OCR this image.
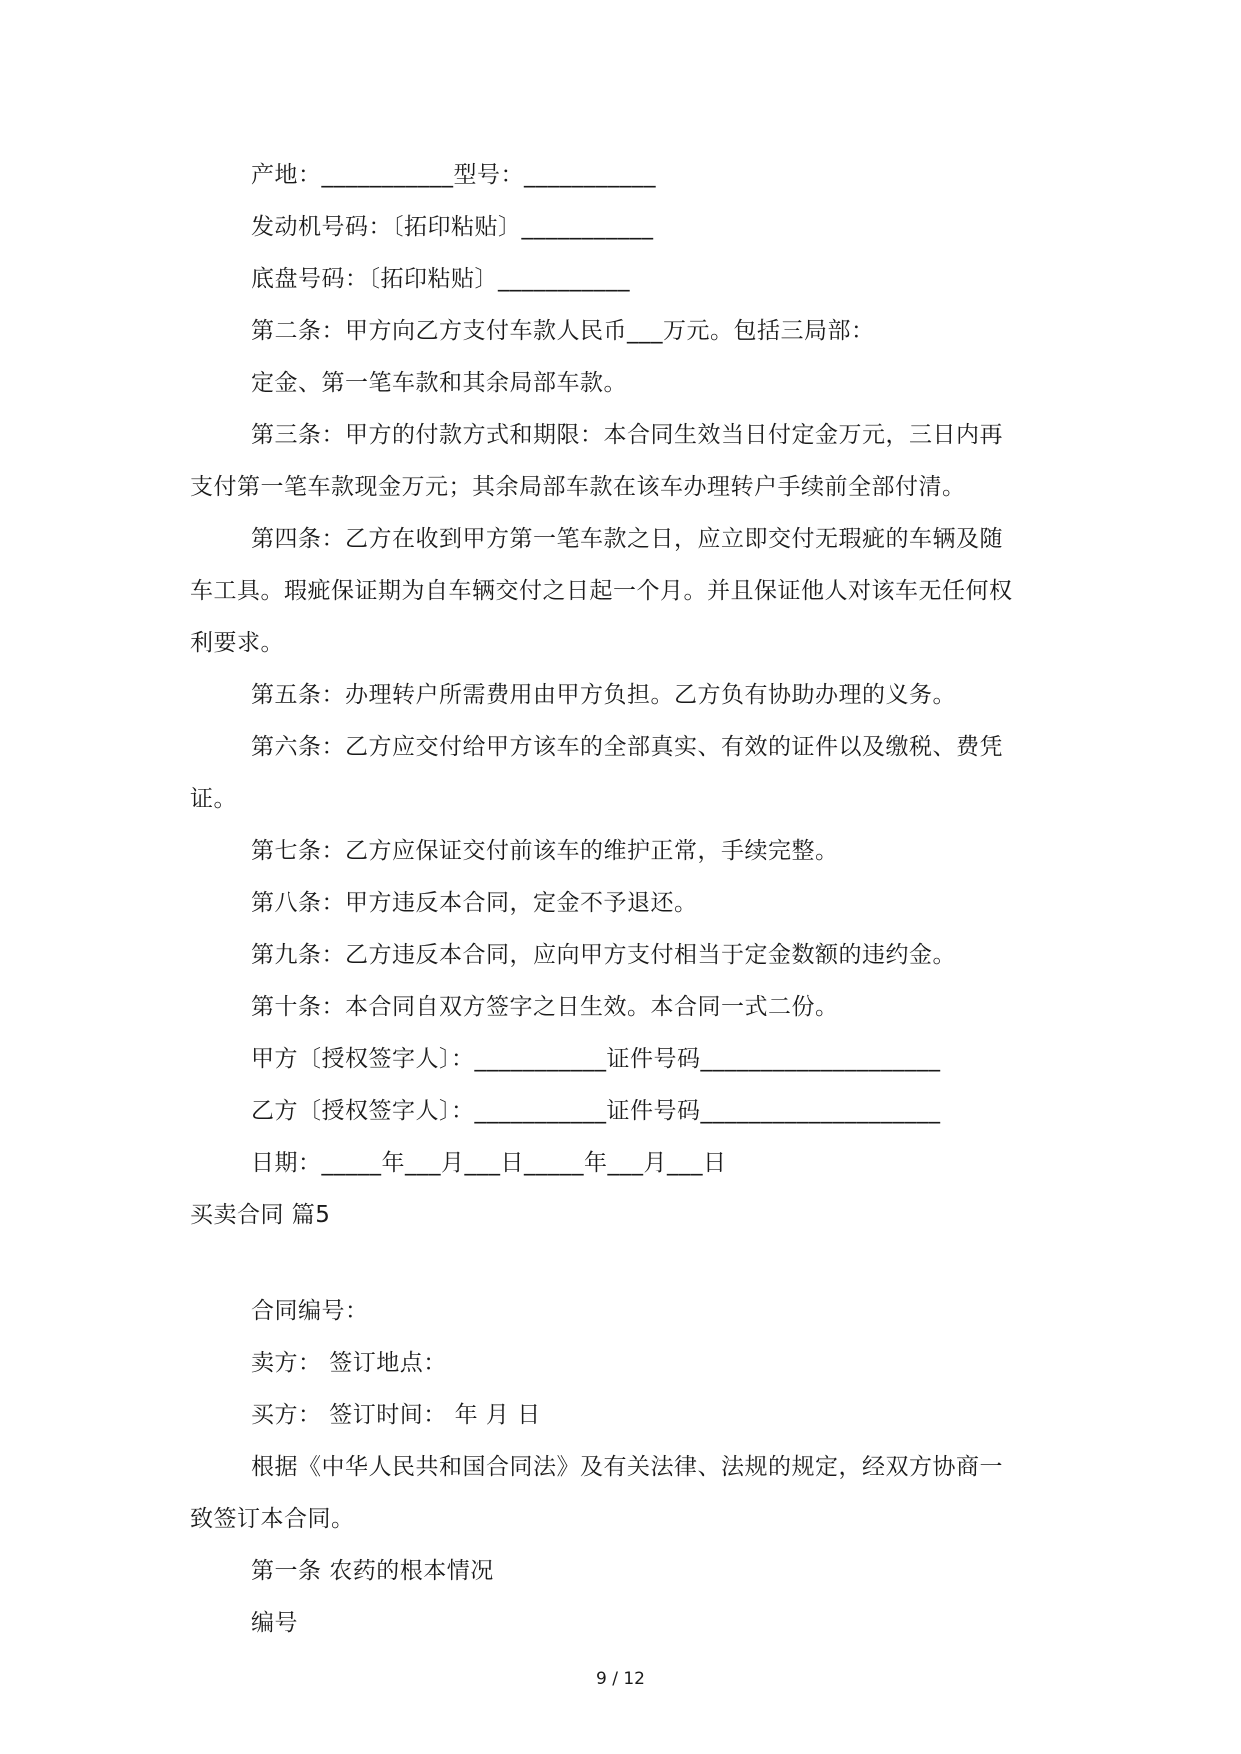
产地：___________型号：___________
发动机号码：〔拓印粘贴〕___________
底盘号码：〔拓印粘贴〕___________
第二条：甲方向乙方支付车款人民币___万元。包括三局部：
定金、第一笔车款和其余局部车款。
第三条：甲方的付款方式和期限：本合同生效当日付定金万元，三日内再
支付第一笔车款现金万元；其余局部车款在该车办理转户手续前全部付清。
第四条：乙方在收到甲方第一笔车款之日，应立即交付无瑕疵的车辆及随
车工具。瑕疵保证期为自车辆交付之日起一个月。并且保证他人对该车无任何权
利要求。
第五条：办理转户所需费用由甲方负担。乙方负有协助办理的义务。
第六条：乙方应交付给甲方该车的全部真实、有效的证件以及缴税、费凭
证。
第七条：乙方应保证交付前该车的维护正常，手续完整。
第八条：甲方违反本合同，定金不予退还。
第九条：乙方违反本合同，应向甲方支付相当于定金数额的违约金。
第十条：本合同自双方签字之日生效。本合同一式二份。
甲方〔授权签字人〕：___________证件号码____________________
乙方〔授权签字人〕：___________证件号码____________________
日期：_____年___月___日_____年___月___日
买卖合同 篇5
合同编号：
卖方： 签订地点：
买方： 签订时间： 年 月 日
根据《中华人民共和国合同法》及有关法律、法规的规定，经双方协商一
致签订本合同。
第一条 农药的根本情况
编号
9 / 12
